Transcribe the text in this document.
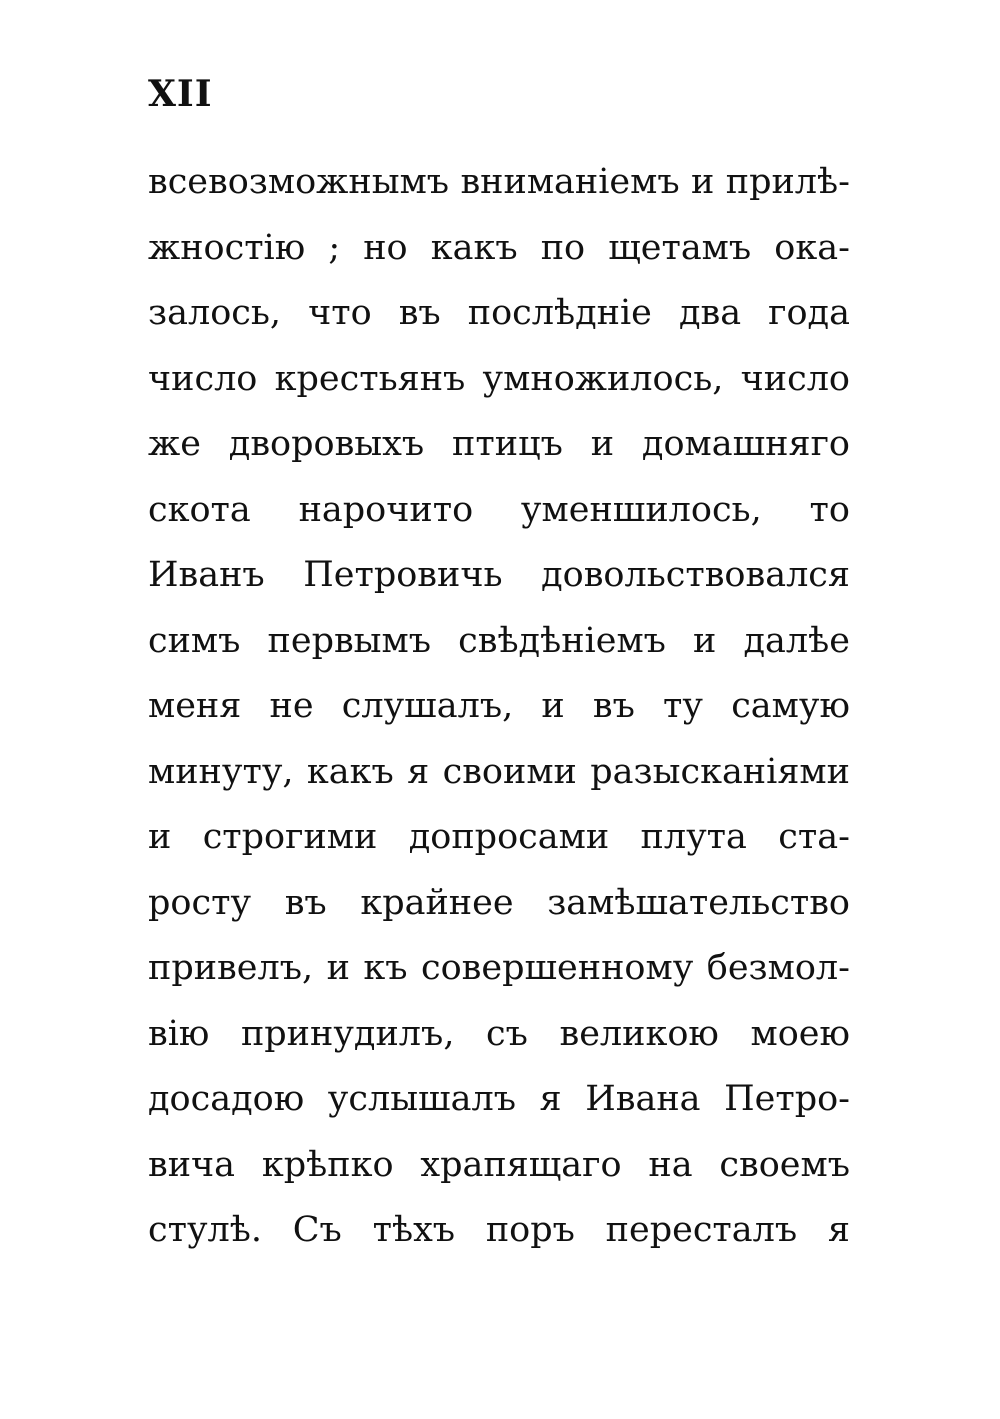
XII
всевозможнымъ вниманіемъ и прилѣ-
жностію ; но какъ по щетамъ ока-
залось, что въ послѣдніе два года
число крестьянъ умножилось, число
же дворовыхъ птицъ и домашняго
скота нарочито уменшилось, то
Иванъ Петровичь довольствовался
симъ первымъ свѣдѣніемъ и далѣе
меня не слушалъ, и въ ту самую
минуту, какъ я своими разысканіями
и строгими допросами плута ста-
росту въ крайнее замѣшательство
привелъ, и къ совершенному безмол-
вію принудилъ, съ великою моею
досадою услышалъ я Ивана Петро-
вича крѣпко храпящаго на своемъ
стулѣ. Съ тѣхъ поръ пересталъ я
